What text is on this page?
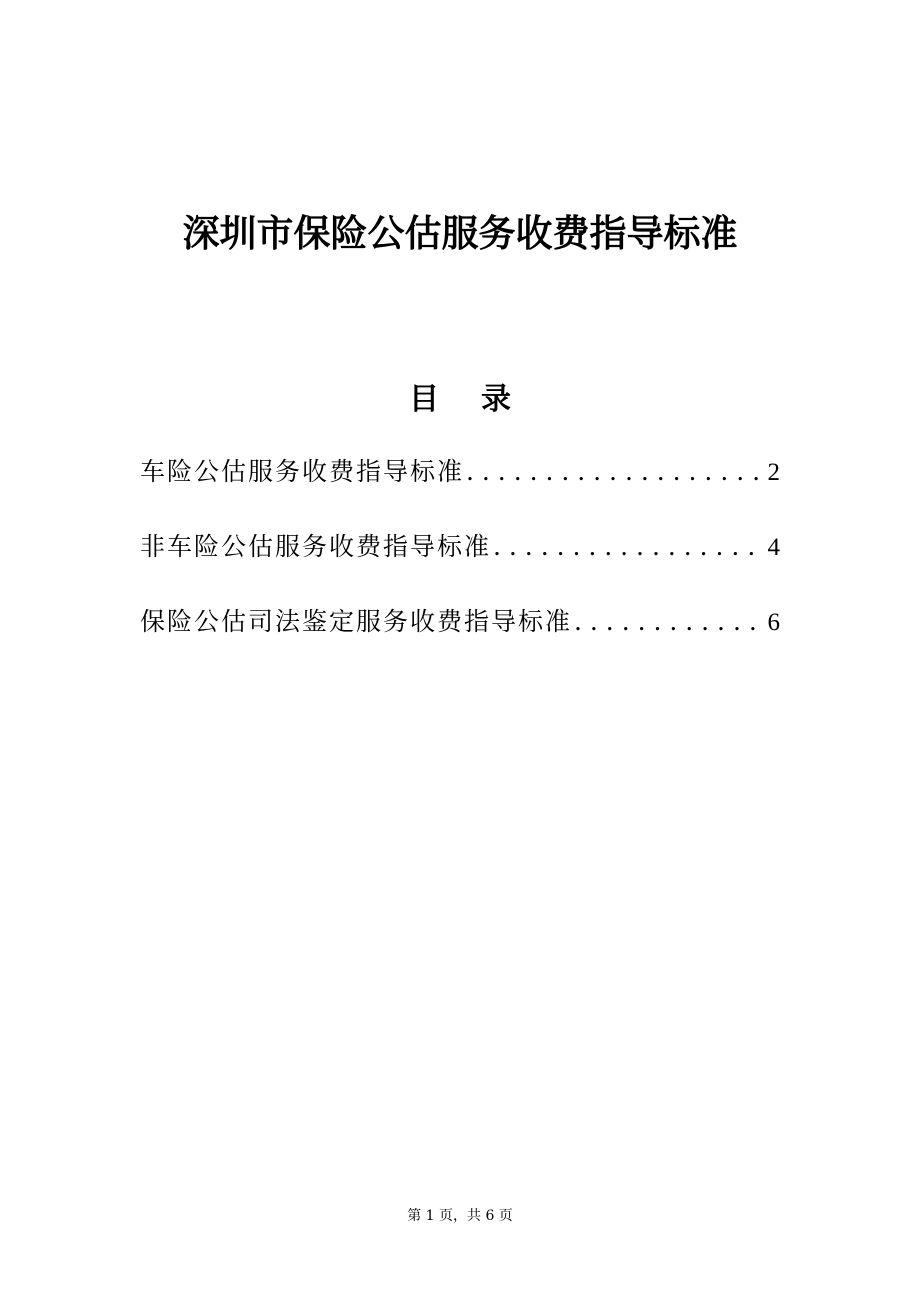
深圳市保险公估服务收费指导标准
目 录
车险公估服务收费指导标准 . . .	2
非车险公估服务收费指导标准 . . .	4
保险公估司法鉴定服务收费指导标准 . . .	6
第 1 页，共 6 页
